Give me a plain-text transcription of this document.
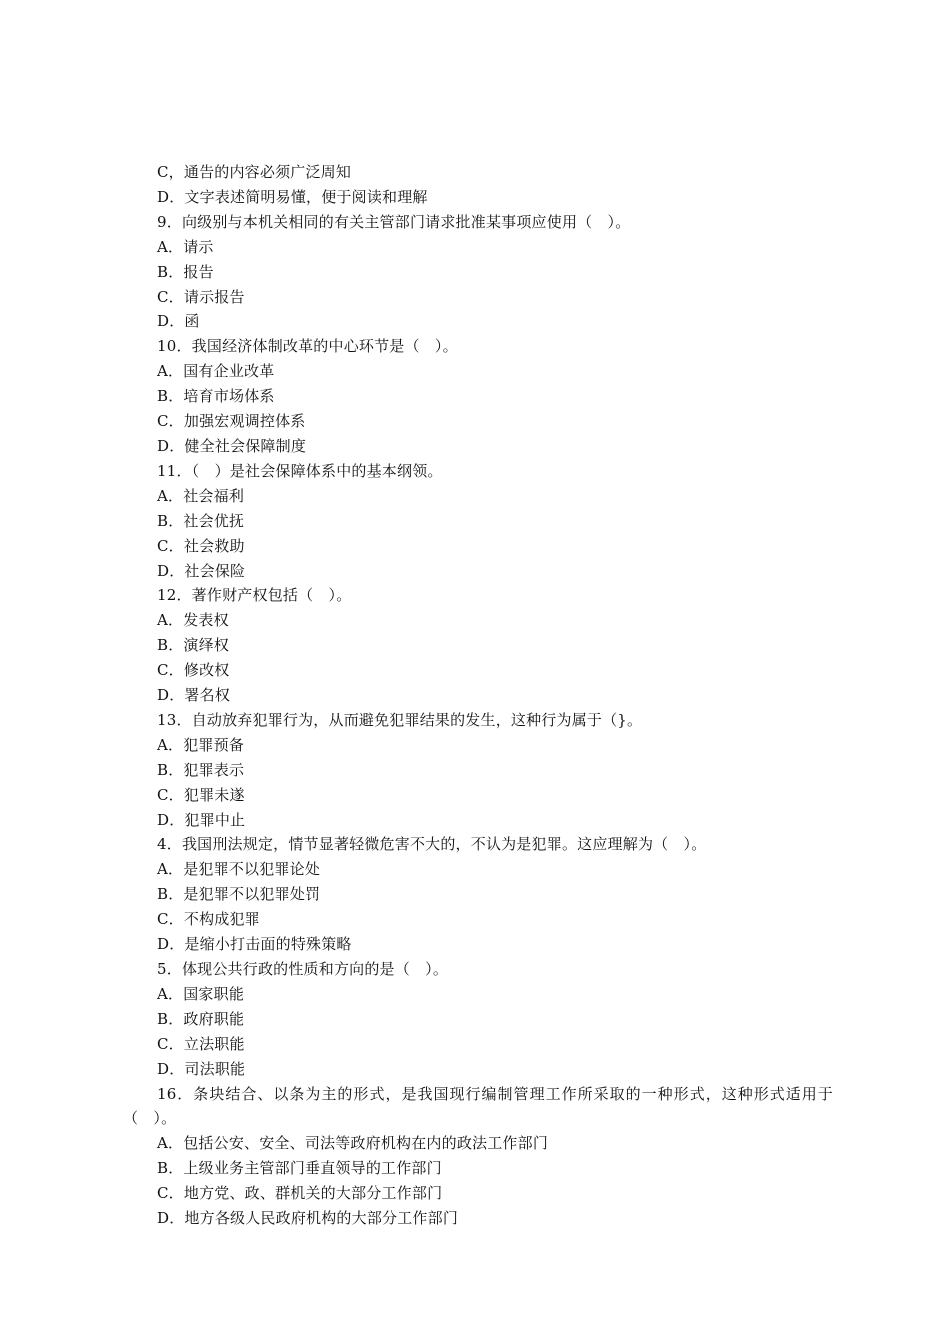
C，通告的内容必须广泛周知
D．文字表述简明易懂，便于阅读和理解
9．向级别与本机关相同的有关主管部门请求批准某事项应使用（　）。
A．请示
B．报告
C．请示报告
D．函
10．我国经济体制改革的中心环节是（　）。
A．国有企业改革
B．培育市场体系
C．加强宏观调控体系
D．健全社会保障制度
11．（　）是社会保障体系中的基本纲领。
A．社会福利
B．社会优抚
C．社会救助
D．社会保险
12．著作财产权包括（　）。
A．发表权
B．演绎权
C．修改权
D．署名权
13．自动放弃犯罪行为，从而避免犯罪结果的发生，这种行为属于（}。
A．犯罪预备
B．犯罪表示
C．犯罪未遂
D．犯罪中止
4．我国刑法规定，情节显著轻微危害不大的，不认为是犯罪。这应理解为（　）。
A．是犯罪不以犯罪论处
B．是犯罪不以犯罪处罚
C．不构成犯罪
D．是缩小打击面的特殊策略
5．体现公共行政的性质和方向的是（　）。
A．国家职能
B．政府职能
C．立法职能
D．司法职能
16．条块结合、以条为主的形式，是我国现行编制管理工作所采取的一种形式，这种形式适用于（　）。
A．包括公安、安全、司法等政府机构在内的政法工作部门
B．上级业务主管部门垂直领导的工作部门
C．地方党、政、群机关的大部分工作部门
D．地方各级人民政府机构的大部分工作部门
